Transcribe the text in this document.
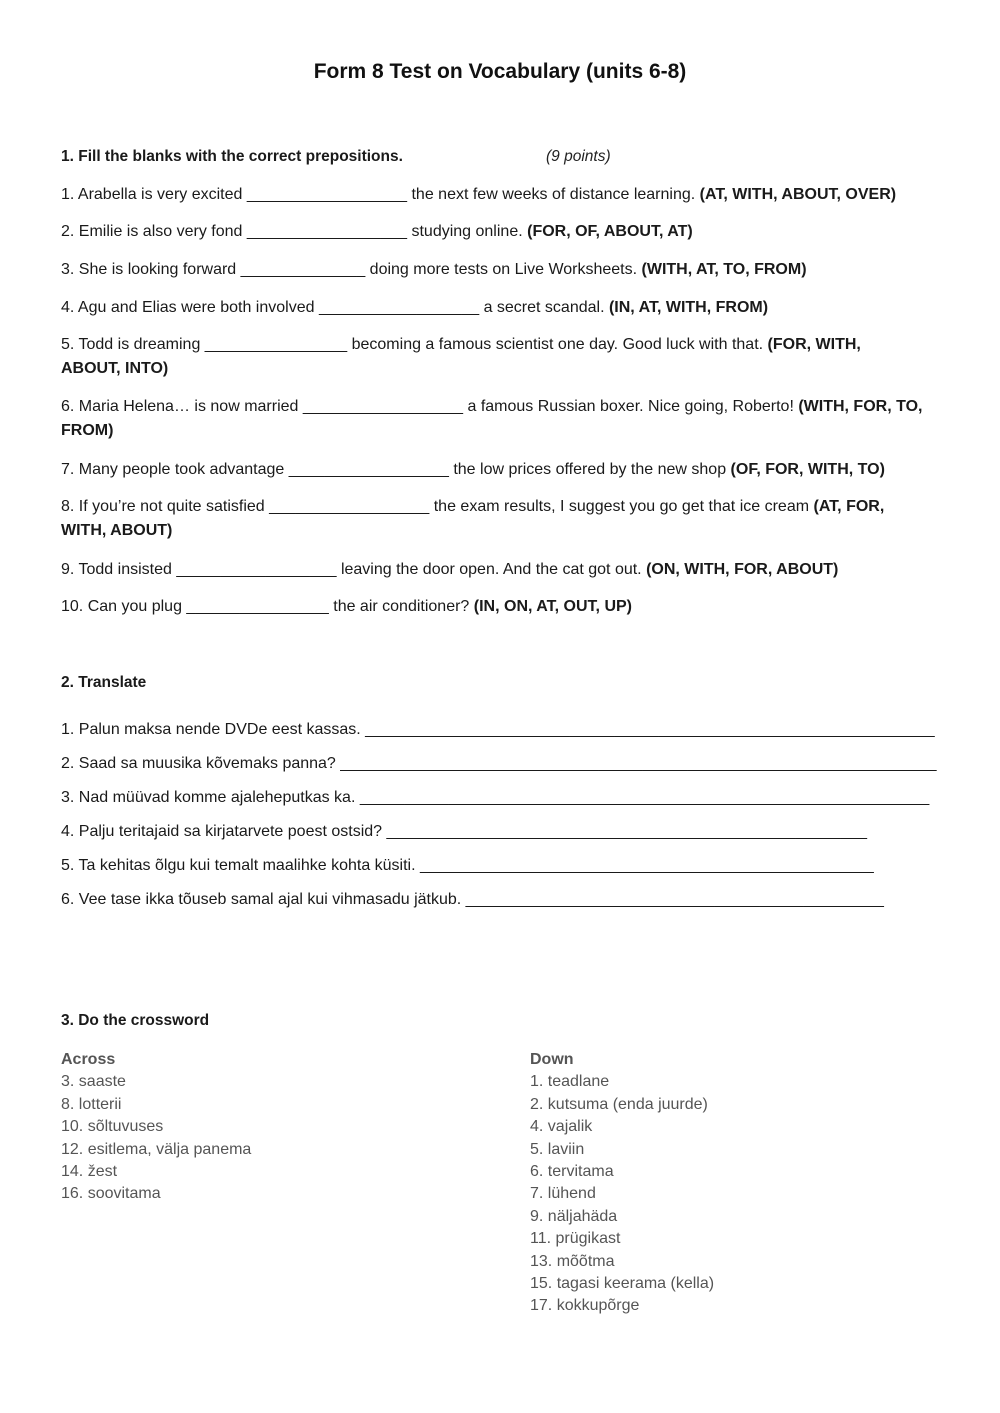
Form 8 Test on Vocabulary (units 6-8)
1. Fill the blanks with the correct prepositions.	(9 points)
1. Arabella is very excited __________________ the next few weeks of distance learning. (AT, WITH, ABOUT, OVER)
2. Emilie is also very fond __________________ studying online. (FOR, OF, ABOUT, AT)
3. She is looking forward ______________ doing more tests on Live Worksheets. (WITH, AT, TO, FROM)
4. Agu and Elias were both involved __________________ a secret scandal. (IN, AT, WITH, FROM)
5. Todd is dreaming ________________ becoming a famous scientist one day. Good luck with that. (FOR, WITH, ABOUT, INTO)
6. Maria Helena… is now married __________________ a famous Russian boxer. Nice going, Roberto! (WITH, FOR, TO, FROM)
7. Many people took advantage __________________ the low prices offered by the new shop (OF, FOR, WITH, TO)
8. If you’re not quite satisfied __________________ the exam results, I suggest you go get that ice cream (AT, FOR, WITH, ABOUT)
9. Todd insisted __________________ leaving the door open. And the cat got out. (ON, WITH, FOR, ABOUT)
10. Can you plug ________________ the air conditioner? (IN, ON, AT, OUT, UP)
2. Translate
1. Palun maksa nende DVDe eest kassas. ________________________________________________________________
2. Saad sa muusika kõvemaks panna? ___________________________________________________________________
3. Nad müüvad komme ajaleheputkas ka. ________________________________________________________________
4. Palju teritajaid sa kirjatarvete poest ostsid? ______________________________________________________
5. Ta kehitas õlgu kui temalt maalihke kohta küsiti. ___________________________________________________
6. Vee tase ikka tõuseb samal ajal kui vihmasadu jätkub. _______________________________________________
3. Do the crossword
Across
3. saaste
8. lotterii
10. sõltuvuses
12. esitlema, välja panema
14. žest
16. soovitama
Down
1. teadlane
2. kutsuma (enda juurde)
4. vajalik
5. laviin
6. tervitama
7. lühend
9. näljahäda
11. prügikast
13. mõõtma
15. tagasi keerama (kella)
17. kokkupõrge
